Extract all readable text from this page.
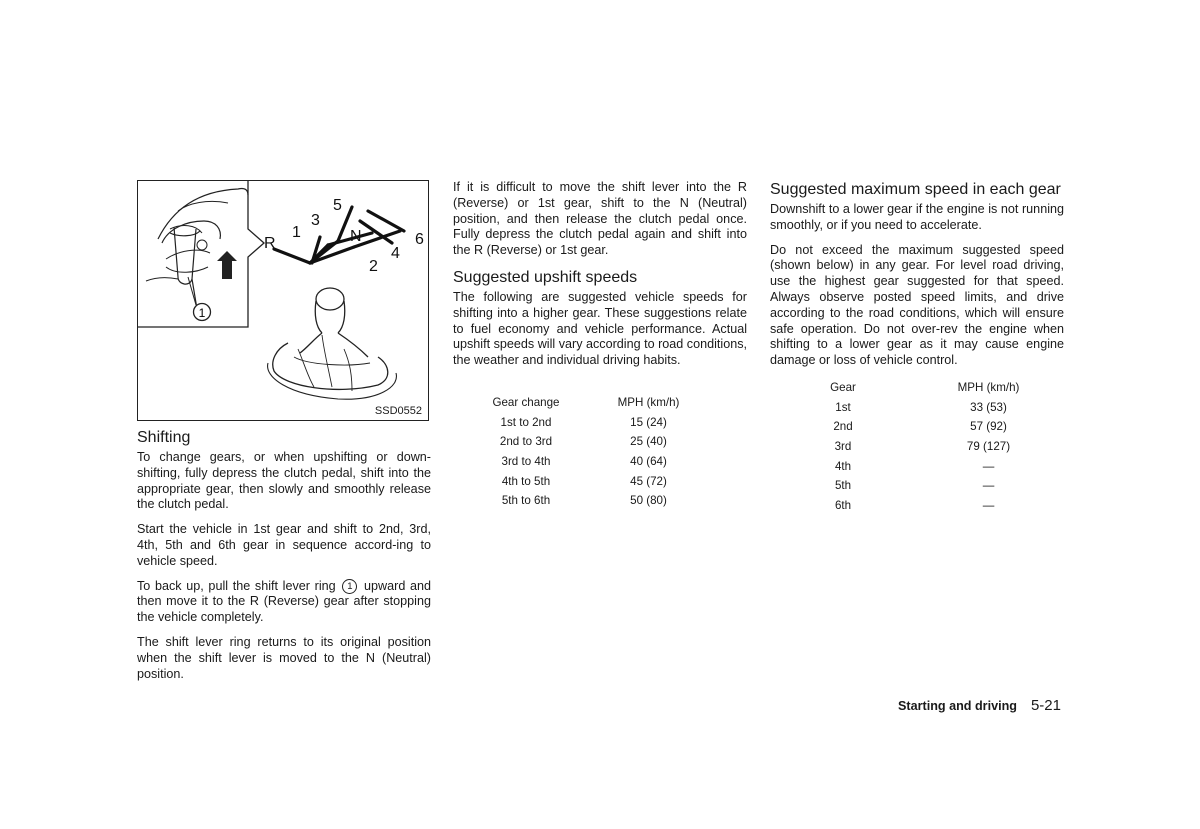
1
R
1
3
5
N
2
4
6
SSD0552
Shifting

To change gears, or when upshifting or down-shifting, fully depress the clutch pedal, shift into the appropriate gear, then slowly and smoothly release the clutch pedal.

Start the vehicle in 1st gear and shift to 2nd, 3rd, 4th, 5th and 6th gear in sequence accord-ing to vehicle speed.

To back up, pull the shift lever ring 1 upward and then move it to the R (Reverse) gear after stopping the vehicle completely.

The shift lever ring returns to its original position when the shift lever is moved to the N (Neutral) position.

If it is difficult to move the shift lever into the R (Reverse) or 1st gear, shift to the N (Neutral) position, and then release the clutch pedal once. Fully depress the clutch pedal again and shift into the R (Reverse) or 1st gear.

Suggested upshift speeds

The following are suggested vehicle speeds for shifting into a higher gear. These suggestions relate to fuel economy and vehicle performance. Actual upshift speeds will vary according to road conditions, the weather and individual driving habits.

Gear change	MPH (km/h)
1st to 2nd	15 (24)
2nd to 3rd	25 (40)
3rd to 4th	40 (64)
4th to 5th	45 (72)
5th to 6th	50 (80)
Suggested maximum speed in each gear

Downshift to a lower gear if the engine is not running smoothly, or if you need to accelerate.

Do not exceed the maximum suggested speed (shown below) in any gear. For level road driving, use the highest gear suggested for that speed. Always observe posted speed limits, and drive according to the road conditions, which will ensure safe operation. Do not over-rev the engine when shifting to a lower gear as it may cause engine damage or loss of vehicle control.

Gear	MPH (km/h)
1st	33 (53)
2nd	57 (92)
3rd	79 (127)
4th	—
5th	—
6th	—
Starting and driving 5-21
